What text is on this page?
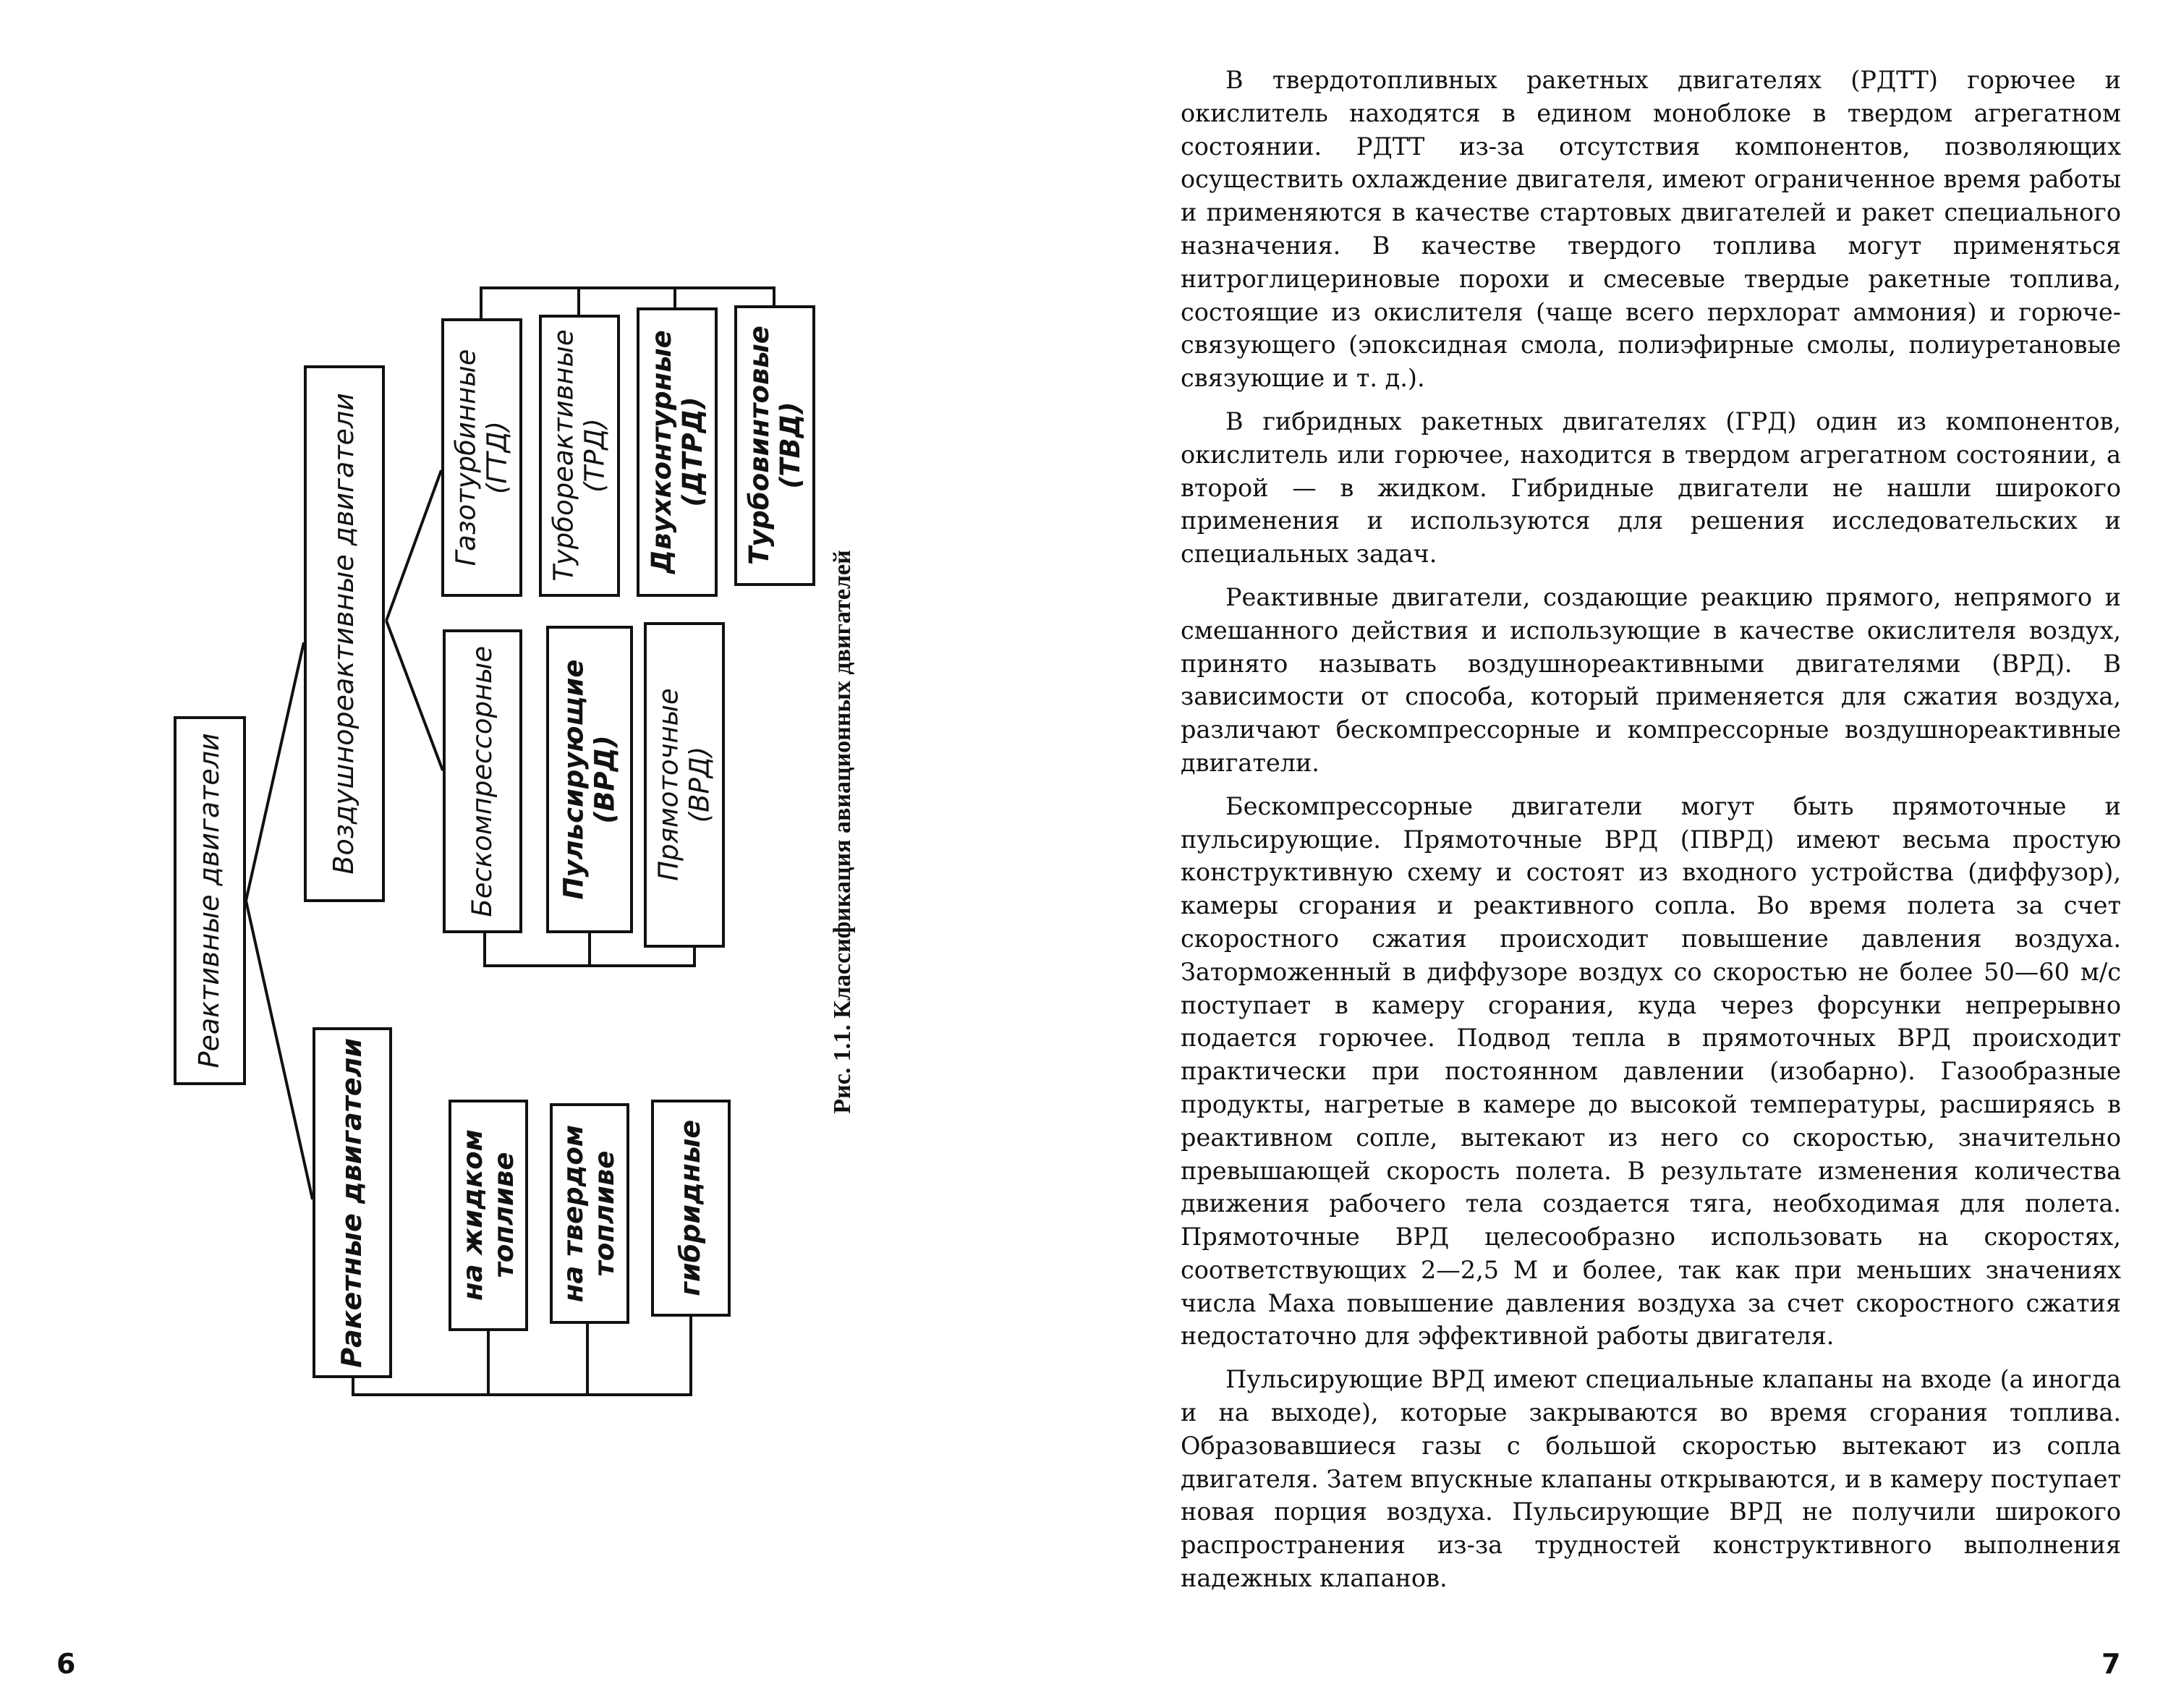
Реактивные двигатели
Воздушнореактивные двигатели
Ракетные двигатели
Газотурбинные (ГТД) Турбореактивные (ТРД) Двухконтурные (ДТРД) Турбовинтовые (ТВД)
Бескомпрессорные Пульсирующие (ВРД) Прямоточные (ВРД)
на жидком топливе на твердом топливе гибридные
Рис. 1.1. Классификация авиационных двигателей
6

В твердотопливных ракетных двигателях (РДТТ) горючее и окислитель находятся в едином моноблоке в твердом агрегатном состоянии. РДТТ из-за отсутствия компонентов, позволяющих осуществить охлаждение двигателя, имеют ограниченное время работы и применяются в качестве стартовых двигателей и ракет специального назначения. В качестве твердого топлива могут применяться нитроглицериновые порохи и смесевые твердые ракетные топлива, состоящие из окислителя (чаще всего перхлорат аммония) и горюче-связующего (эпоксидная смола, полиэфирные смолы, полиуретановые связующие и т. д.).

В гибридных ракетных двигателях (ГРД) один из компонентов, окислитель или горючее, находится в твердом агрегатном состоянии, а второй — в жидком. Гибридные двигатели не нашли широкого применения и используются для решения исследовательских и специальных задач.

Реактивные двигатели, создающие реакцию прямого, непрямого и смешанного действия и использующие в качестве окислителя воздух, принято называть воздушнореактивными двигателями (ВРД). В зависимости от способа, который применяется для сжатия воздуха, различают бескомпрессорные и компрессорные воздушнореактивные двигатели.

Бескомпрессорные двигатели могут быть прямоточные и пульсирующие. Прямоточные ВРД (ПВРД) имеют весьма простую конструктивную схему и состоят из входного устройства (диффузор), камеры сгорания и реактивного сопла. Во время полета за счет скоростного сжатия происходит повышение давления воздуха. Заторможенный в диффузоре воздух со скоростью не более 50—60 м/с поступает в камеру сгорания, куда через форсунки непрерывно подается горючее. Подвод тепла в прямоточных ВРД происходит практически при постоянном давлении (изобарно). Газообразные продукты, нагретые в камере до высокой температуры, расширяясь в реактивном сопле, вытекают из него со скоростью, значительно превышающей скорость полета. В результате изменения количества движения рабочего тела создается тяга, необходимая для полета. Прямоточные ВРД целесообразно использовать на скоростях, соответствующих 2—2,5 М и более, так как при меньших значениях числа Маха повышение давления воздуха за счет скоростного сжатия недостаточно для эффективной работы двигателя.

Пульсирующие ВРД имеют специальные клапаны на входе (а иногда и на выходе), которые закрываются во время сгорания топлива. Образовавшиеся газы с большой скоростью вытекают из сопла двигателя. Затем впускные клапаны открываются, и в камеру поступает новая порция воздуха. Пульсирующие ВРД не получили широкого распространения из-за трудностей конструктивного выполнения надежных клапанов.

7
